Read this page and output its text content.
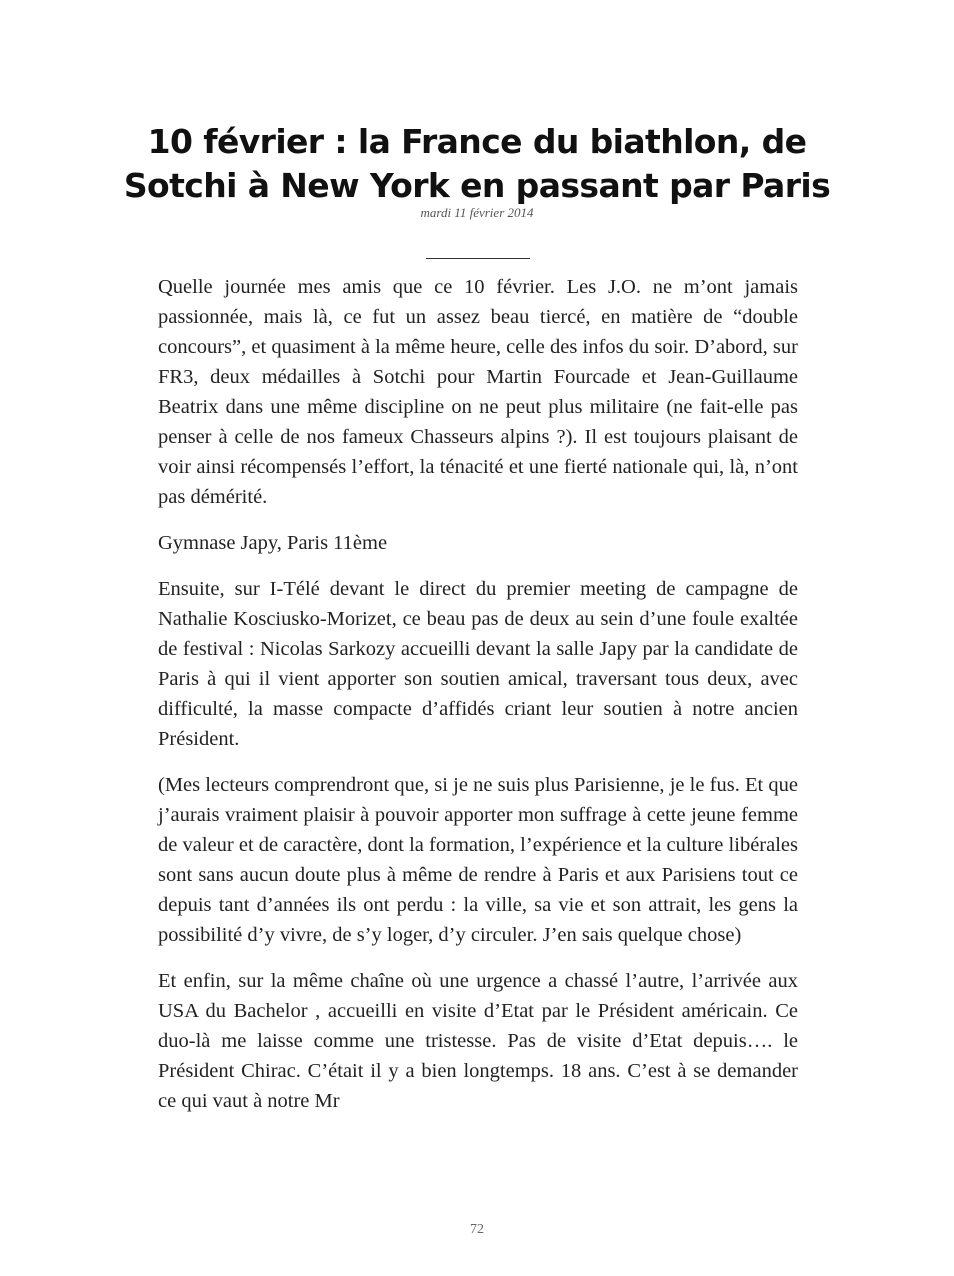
10 février : la France du biathlon, de Sotchi à New York en passant par Paris
mardi 11 février 2014

Quelle journée mes amis que ce 10 février. Les J.O. ne m’ont jamais passionnée, mais là, ce fut un assez beau tiercé, en matière de “double concours”, et quasiment à la même heure, celle des infos du soir. D’abord, sur FR3, deux médailles à Sotchi pour Martin Fourcade et Jean-Guillaume Beatrix dans une même discipline on ne peut plus militaire (ne fait-elle pas penser à celle de nos fameux Chasseurs alpins ?). Il est toujours plaisant de voir ainsi récompensés l’effort, la ténacité et une fierté nationale qui, là, n’ont pas démérité.

Gymnase Japy, Paris 11ème

Ensuite, sur I-Télé devant le direct du premier meeting de campagne de Nathalie Kosciusko-Morizet, ce beau pas de deux au sein d’une foule exaltée de festival : Nicolas Sarkozy accueilli devant la salle Japy par la candidate de Paris à qui il vient apporter son soutien amical, traversant tous deux, avec difficulté, la masse compacte d’affidés criant leur soutien à notre ancien Président.

(Mes lecteurs comprendront que, si je ne suis plus Parisienne, je le fus. Et que j’aurais vraiment plaisir à pouvoir apporter mon suffrage à cette jeune femme de valeur et de caractère, dont la formation, l’expérience et la culture libérales sont sans aucun doute plus à même de rendre à Paris et aux Parisiens tout ce depuis tant d’années ils ont perdu : la ville, sa vie et son attrait, les gens la possibilité d’y vivre, de s’y loger, d’y circuler. J’en sais quelque chose)

Et enfin, sur la même chaîne où une urgence a chassé l’autre, l’arrivée aux USA du Bachelor , accueilli en visite d’Etat par le Président américain. Ce duo-là me laisse comme une tristesse. Pas de visite d’Etat depuis…. le Président Chirac. C’était il y a bien longtemps. 18 ans. C’est à se demander ce qui vaut à notre Mr

72
